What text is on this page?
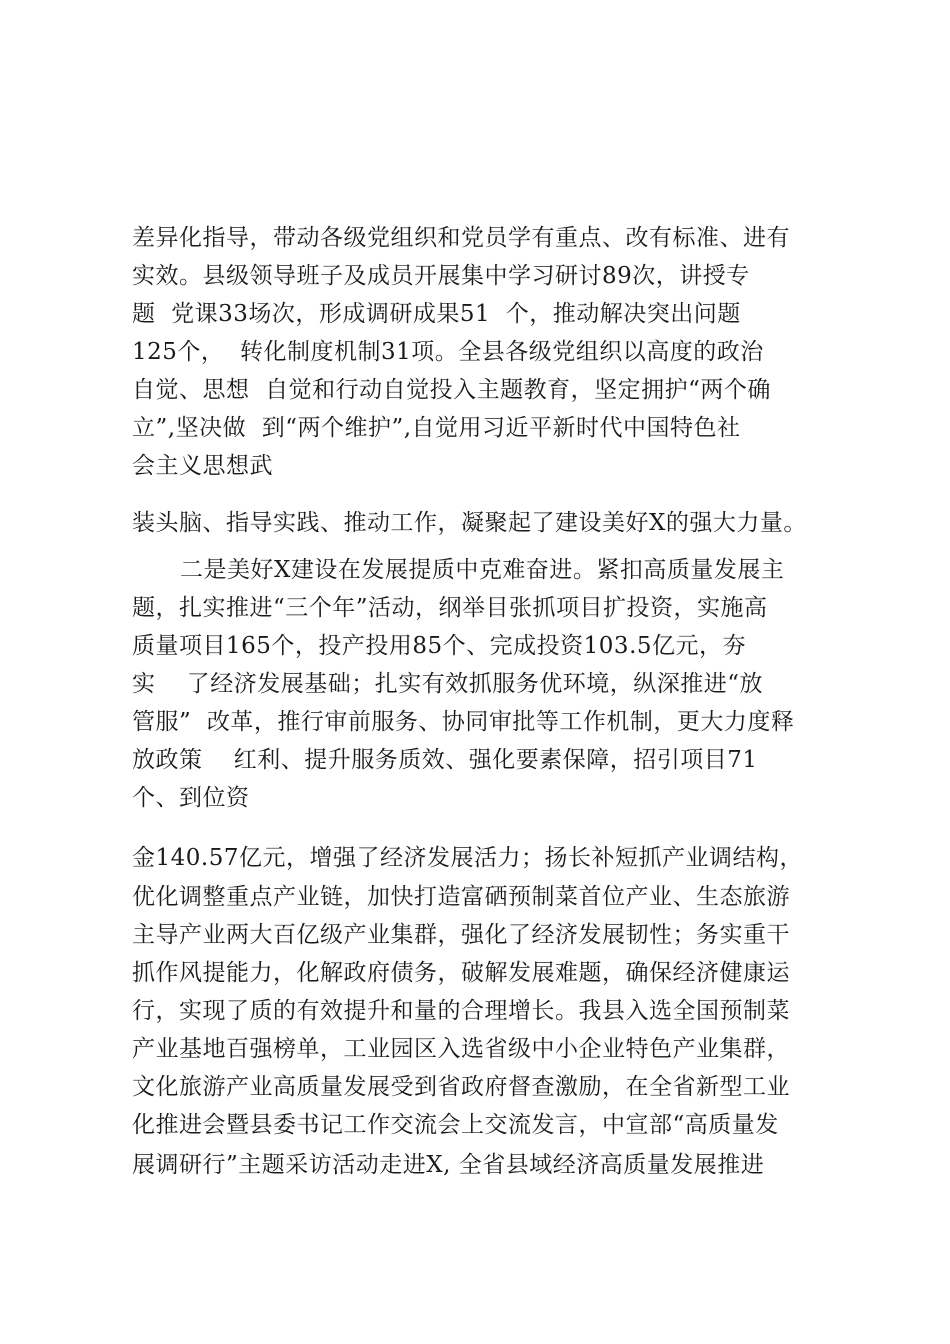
差异化指导，带动各级党组织和党员学有重点、改有标准、进有
实效。县级领导班子及成员开展集中学习研讨89次，讲授专
题  党课33场次，形成调研成果51  个，推动解决突出问题
125个，  转化制度机制31项。全县各级党组织以高度的政治
自觉、思想  自觉和行动自觉投入主题教育，坚定拥护“两个确
立”,坚决做  到“两个维护”,自觉用习近平新时代中国特色社
会主义思想武
装头脑、指导实践、推动工作，凝聚起了建设美好X的强大力量。
二是美好X建设在发展提质中克难奋进。紧扣高质量发展主
题，扎实推进“三个年”活动，纲举目张抓项目扩投资，实施高
质量项目165个，投产投用85个、完成投资103.5亿元，夯
实    了经济发展基础；扎实有效抓服务优环境，纵深推进“放
管服”  改革，推行审前服务、协同审批等工作机制，更大力度释
放政策    红利、提升服务质效、强化要素保障，招引项目71
个、到位资
金140.57亿元，增强了经济发展活力；扬长补短抓产业调结构，
优化调整重点产业链，加快打造富硒预制菜首位产业、生态旅游
主导产业两大百亿级产业集群，强化了经济发展韧性；务实重干
抓作风提能力，化解政府债务，破解发展难题，确保经济健康运
行，实现了质的有效提升和量的合理增长。我县入选全国预制菜
产业基地百强榜单，工业园区入选省级中小企业特色产业集群，
文化旅游产业高质量发展受到省政府督查激励，在全省新型工业
化推进会暨县委书记工作交流会上交流发言，中宣部“高质量发
展调研行”主题采访活动走进X, 全省县域经济高质量发展推进
